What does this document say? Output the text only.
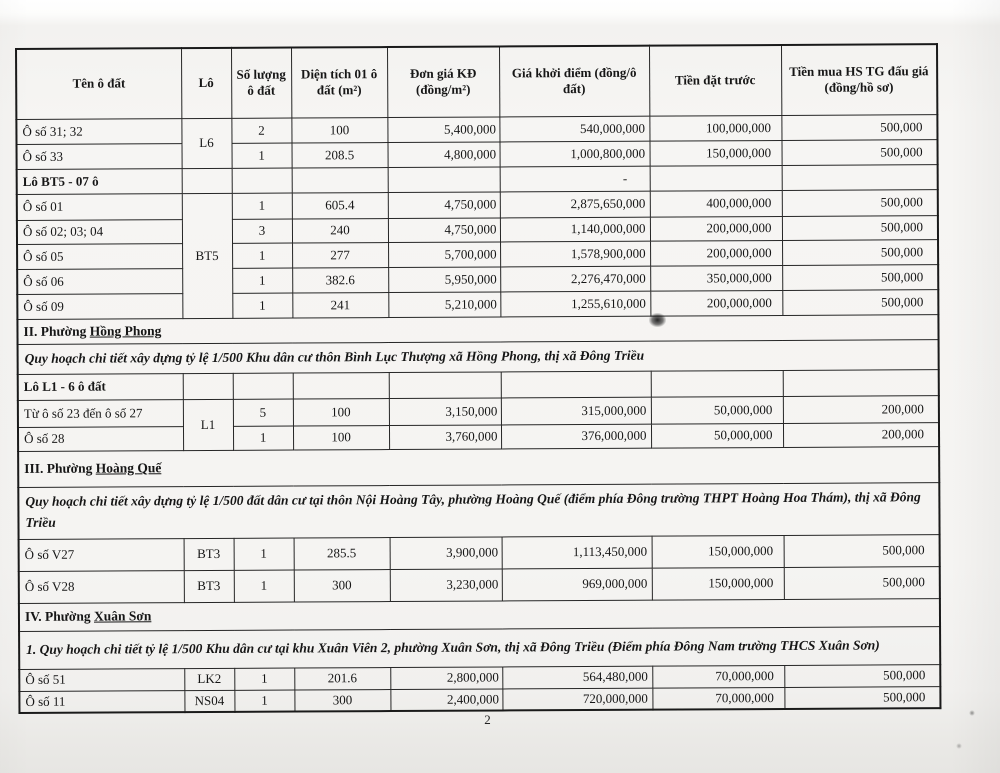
Tên ô đất	Lô	Số lượng ô đất	Diện tích 01 ô đất (m²)	Đơn giá KĐ (đồng/m²)	Giá khởi điểm (đồng/ô đất)	Tiền đặt trước	Tiền mua HS TG đấu giá (đồng/hồ sơ)
Ô số 31; 32	L6	2	100	5,400,000	540,000,000	100,000,000	500,000
Ô số 33		1	208.5	4,800,000	1,000,800,000	150,000,000	500,000
Lô BT5 - 07 ô					-		
Ô số 01	BT5	1	605.4	4,750,000	2,875,650,000	400,000,000	500,000
Ô số 02; 03; 04		3	240	4,750,000	1,140,000,000	200,000,000	500,000
Ô số 05		1	277	5,700,000	1,578,900,000	200,000,000	500,000
Ô số 06		1	382.6	5,950,000	2,276,470,000	350,000,000	500,000
Ô số 09		1	241	5,210,000	1,255,610,000	200,000,000	500,000
II. Phường Hồng Phong							
Quy hoạch chi tiết xây dựng tỷ lệ 1/500 Khu dân cư thôn Bình Lục Thượng xã Hồng Phong, thị xã Đông Triều							
Lô L1 - 6 ô đất							
Từ ô số 23 đến ô số 27	L1	5	100	3,150,000	315,000,000	50,000,000	200,000
Ô số 28		1	100	3,760,000	376,000,000	50,000,000	200,000
III. Phường Hoàng Quế							
Quy hoạch chi tiết xây dựng tỷ lệ 1/500 đất dân cư tại thôn Nội Hoàng Tây, phường Hoàng Quế (điểm phía Đông trường THPT Hoàng Hoa Thám), thị xã Đông Triều							
Ô số V27	BT3	1	285.5	3,900,000	1,113,450,000	150,000,000	500,000
Ô số V28	BT3	1	300	3,230,000	969,000,000	150,000,000	500,000
IV. Phường Xuân Sơn							
1. Quy hoạch chi tiết tỷ lệ 1/500 Khu dân cư tại khu Xuân Viên 2, phường Xuân Sơn, thị xã Đông Triều (Điểm phía Đông Nam trường THCS Xuân Sơn)							
Ô số 51	LK2	1	201.6	2,800,000	564,480,000	70,000,000	500,000
Ô số 11	NS04	1	300	2,400,000	720,000,000	70,000,000	500,000
2
